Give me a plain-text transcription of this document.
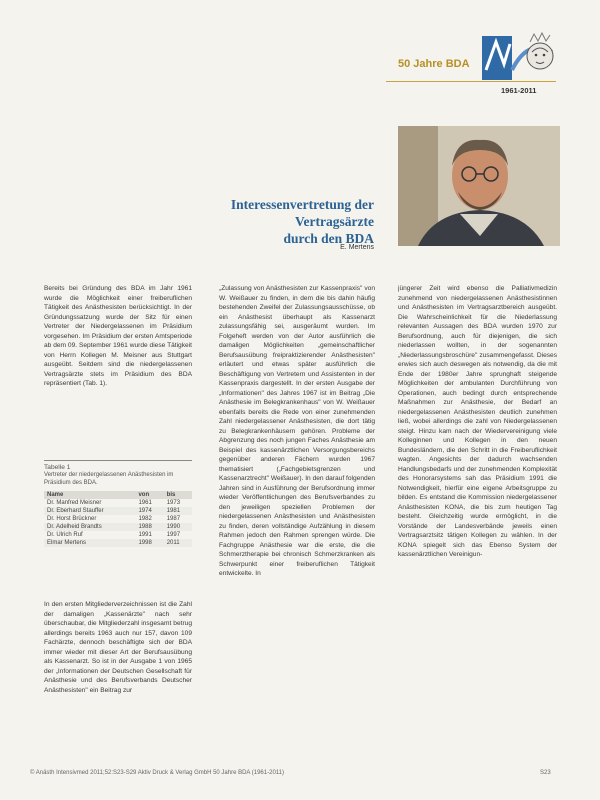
50 Jahre BDA
1961-2011
Interessenvertretung der Vertragsärzte
durch den BDA
E. Mertens

Bereits bei Gründung des BDA im Jahr 1961 wurde die Möglichkeit einer freiberuflichen Tätigkeit des Anästhesisten berücksichtigt. In der Gründungssatzung wurde der Sitz für einen Vertreter der Niedergelassenen im Präsidium vorgesehen. Im Präsidium der ersten Amtsperiode ab dem 09. September 1961 wurde diese Tätigkeit von Herrn Kollegen M. Meisner aus Stuttgart ausgeübt. Seitdem sind die niedergelassenen Vertragsärzte stets im Präsidium des BDA repräsentiert (Tab. 1).

Tabelle 1
Vertreter der niedergelassenen Anästhesisten im Präsidium des BDA.
Name	von	bis
Dr. Manfred Meisner	1961	1973
Dr. Eberhard Stauffer	1974	1981
Dr. Horst Brückner	1982	1987
Dr. Adelheid Brandts	1988	1990
Dr. Ulrich Ruf	1991	1997
Elmar Mertens	1998	2011

In den ersten Mitgliederverzeichnissen ist die Zahl der damaligen „Kassenärzte" nach sehr überschaubar, die Mitgliederzahl insgesamt betrug allerdings bereits 1963 auch nur 157, davon 109 Fachärzte, dennoch beschäftigte sich der BDA immer wieder mit dieser Art der Berufsausübung als Kassenarzt. So ist in der Ausgabe 1 von 1965 der „Informationen der Deutschen Gesellschaft für Anästhesie und des Berufsverbands Deutscher Anästhesisten" ein Beitrag zur

„Zulassung von Anästhesisten zur Kassenpraxis" von W. Weißauer zu finden, in dem die bis dahin häufig bestehenden Zweifel der Zulassungsausschüsse, ob ein Anästhesist überhaupt als Kassenarzt zulassungsfähig sei, ausgeräumt wurden. Im Folgeheft werden von der Autor ausführlich die damaligen Möglichkeiten „gemeinschaftlicher Berufsausübung freipraktizierender Anästhesisten" erläutert und etwas später ausführlich die Beschäftigung von Vertretern und Assistenten in der Kassenpraxis dargestellt. In der ersten Ausgabe der „Informationen" des Jahres 1967 ist im Beitrag „Die Anästhesie im Belegkrankenhaus" von W. Weißauer ebenfalls bereits die Rede von einer zunehmenden Zahl niedergelassener Anästhesisten, die dort tätig zu Belegkrankenhäusern gehören. Probleme der Abgrenzung des noch jungen Faches Anästhesie am Beispiel des kassenärztlichen Versorgungsbereichs gegenüber anderen Fächern wurden 1967 thematisiert („Fachgebietsgrenzen und Kassenarztrecht" Weißauer). In den darauf folgenden Jahren sind in Ausführung der Berufsordnung immer wieder Veröffentlichungen des Berufsverbandes zu den jeweiligen speziellen Problemen der niedergelassenen Anästhesisten und Anästhesisten zu finden, deren vollständige Aufzählung in diesem Rahmen jedoch den Rahmen sprengen würde. Die Fachgruppe Anästhesie war die erste, die die Schmerztherapie bei chronisch Schmerzkranken als Schwerpunkt einer freiberuflichen Tätigkeit entwickelte. In

jüngerer Zeit wird ebenso die Palliativmedizin zunehmend von niedergelassenen Anästhesistinnen und Anästhesisten im Vertragsarztbereich ausgeübt. Die Wahrscheinlichkeit für die Niederlassung relevanten Aussagen des BDA wurden 1970 zur Berufsordnung, auch für diejenigen, die sich niederlassen wollten, in der sogenannten „Niederlassungsbroschüre" zusammengefasst. Dieses erwies sich auch deswegen als notwendig, da die mit Ende der 1980er Jahre sprunghaft steigende Möglichkeiten der ambulanten Durchführung von Operationen, auch bedingt durch entsprechende Maßnahmen zur Anästhesie, der Bedarf an niedergelassenen Anästhesisten deutlich zunehmen ließ, wobei allerdings die zahl von Niedergelassenen steigt. Hinzu kam nach der Wiedervereinigung viele Kolleginnen und Kollegen in den neuen Bundesländern, die den Schritt in die Freiberuflichkeit wagten. Angesichts der dadurch wachsenden Handlungsbedarfs und der zunehmenden Komplexität des Honorarsystems sah das Präsidium 1991 die Notwendigkeit, hierfür eine eigene Arbeitsgruppe zu bilden. Es entstand die Kommission niedergelassener Anästhesisten KONA, die bis zum heutigen Tag besteht. Gleichzeitig wurde ermöglicht, in die Vorstände der Landesverbände jeweils einen Vertragsarztsitz tätigen Kollegen zu wählen. In der KONA spiegelt sich das Ebenso System der kassenärztlichen Vereinigun-

© Anästh Intensivmed 2011;52:S23-S29 Aktiv Druck & Verlag GmbH 50 Jahre BDA (1961-2011)	S23
